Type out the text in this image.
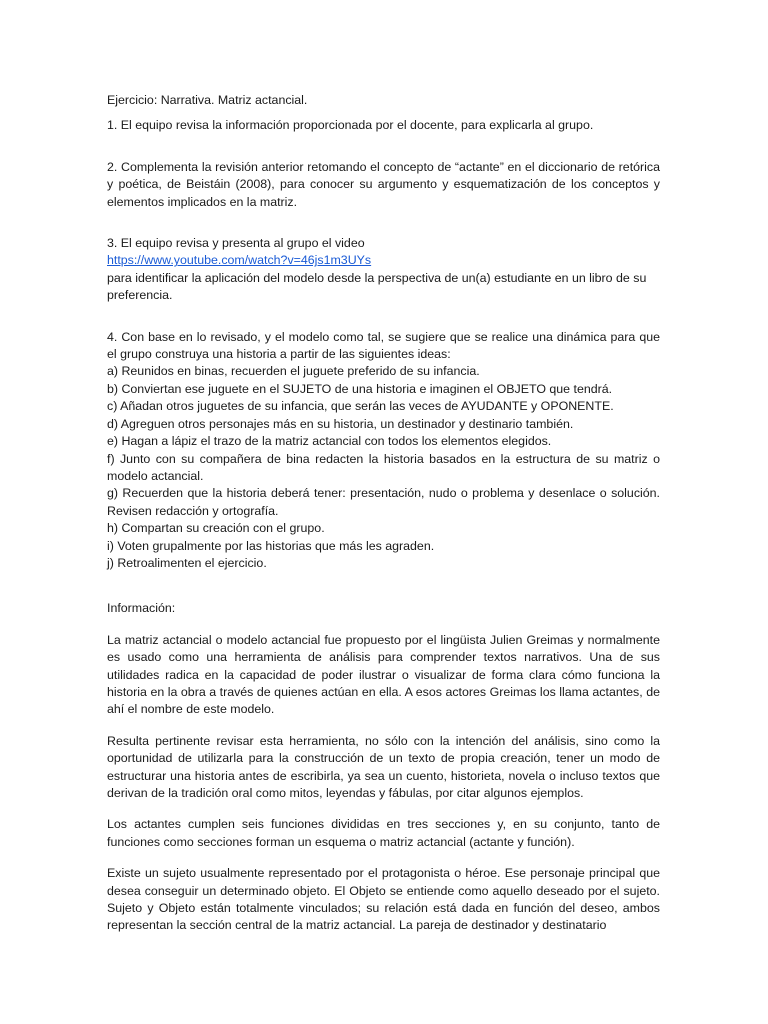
Ejercicio: Narrativa. Matriz actancial.

1. El equipo revisa la información proporcionada por el docente, para explicarla al grupo.

2. Complementa la revisión anterior retomando el concepto de “actante” en el diccionario de retórica y poética, de Beistáin (2008), para conocer su argumento y esquematización de los conceptos y elementos implicados en la matriz.

3. El equipo revisa y presenta al grupo el video
https://www.youtube.com/watch?v=46js1m3UYs
para identificar la aplicación del modelo desde la perspectiva de un(a) estudiante en un libro de su preferencia.

4. Con base en lo revisado, y el modelo como tal, se sugiere que se realice una dinámica para que el grupo construya una historia a partir de las siguientes ideas:

a) Reunidos en binas, recuerden el juguete preferido de su infancia.

b) Conviertan ese juguete en el SUJETO de una historia e imaginen el OBJETO que tendrá.

c) Añadan otros juguetes de su infancia, que serán las veces de AYUDANTE y OPONENTE.

d) Agreguen otros personajes más en su historia, un destinador y destinario también.

e) Hagan a lápiz el trazo de la matriz actancial con todos los elementos elegidos.

f) Junto con su compañera de bina redacten la historia basados en la estructura de su matriz o modelo actancial.

g) Recuerden que la historia deberá tener: presentación, nudo o problema y desenlace o solución. Revisen redacción y ortografía.

h) Compartan su creación con el grupo.

i) Voten grupalmente por las historias que más les agraden.

j) Retroalimenten el ejercicio.

Información:

La matriz actancial o modelo actancial fue propuesto por el lingüista Julien Greimas y normalmente es usado como una herramienta de análisis para comprender textos narrativos. Una de sus utilidades radica en la capacidad de poder ilustrar o visualizar de forma clara cómo funciona la historia en la obra a través de quienes actúan en ella. A esos actores Greimas los llama actantes, de ahí el nombre de este modelo.

Resulta pertinente revisar esta herramienta, no sólo con la intención del análisis, sino como la oportunidad de utilizarla para la construcción de un texto de propia creación, tener un modo de estructurar una historia antes de escribirla, ya sea un cuento, historieta, novela o incluso textos que derivan de la tradición oral como mitos, leyendas y fábulas, por citar algunos ejemplos.

Los actantes cumplen seis funciones divididas en tres secciones y, en su conjunto, tanto de funciones como secciones forman un esquema o matriz actancial (actante y función).

Existe un sujeto usualmente representado por el protagonista o héroe. Ese personaje principal que desea conseguir un determinado objeto. El Objeto se entiende como aquello deseado por el sujeto. Sujeto y Objeto están totalmente vinculados; su relación está dada en función del deseo, ambos representan la sección central de la matriz actancial. La pareja de destinador y destinatario
